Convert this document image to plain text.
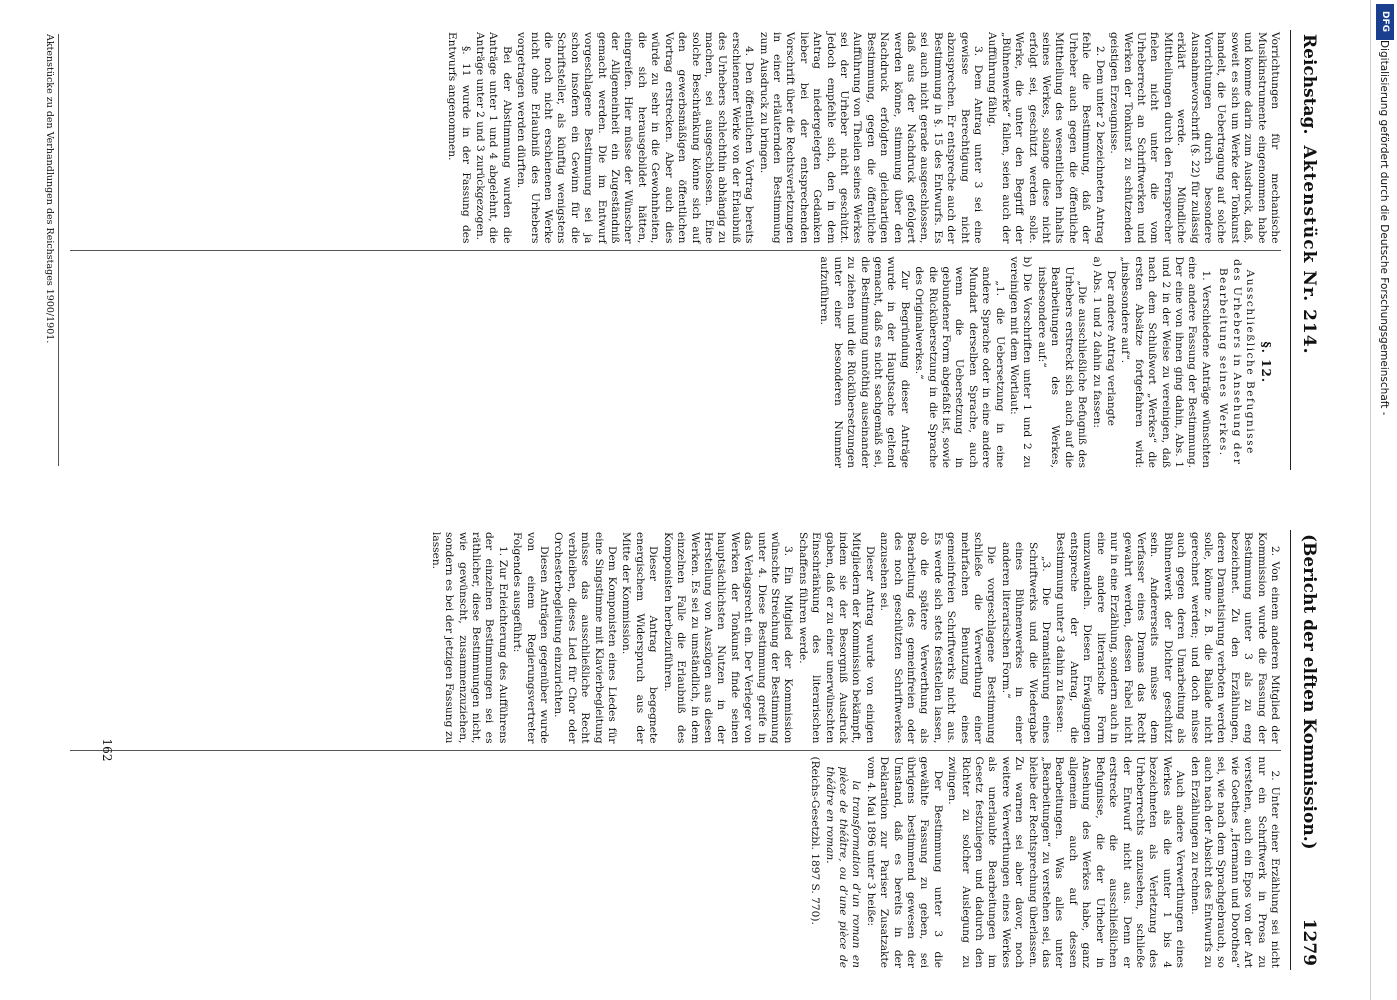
Reichstag.
Aktenstück Nr. 214.

Vorrichtungen für mechanische Musikinstrumente eingenommen habe und komme darin zum Ausdruck, daß, soweit es sich um Werke der Tonkunst handelt, die Uebertragung auf solche Vorrichtungen durch besondere Ausnahmevorschrift (§. 22) für zulässig erklärt werde. Mündliche Mittheilungen durch den Fernsprecher fielen nicht unter die vom Urheberrecht an Schriftwerken und Werken der Tonkunst zu schützenden geistigen Erzeugnisse.

2. Dem unter 2 bezeichneten Antrag fehle die Bestimmung, daß der Urheber auch gegen die öffentliche Mittheilung des wesentlichen Inhalts seines Werkes, solange diese nicht erfolgt sei, geschützt werden solle. Werke, die unter den Begriff der „Bühnenwerke“ fallen, seien auch der Aufführung fähig.

3. Dem Antrag unter 3 sei eine gewisse Berechtigung nicht abzusprechen. Er entspreche auch der Bestimmung in §. 15 des Entwurfs. Es sei auch nicht gerade ausgeschlossen, daß aus der Nachdruck gefolgert werden könne, stimmung über den Nachdruck erfolgten gleichartigen Bestimmung, gegen die öffentliche Aufführung von Theilen seines Werkes sei der Urheber nicht geschützt. Jedoch empfehle sich, den in dem Antrag niedergelegten Gedanken lieber bei der entsprechenden Vorschrift über die Rechtsverletzungen in einer erläuternden Bestimmung zum Ausdruck zu bringen.

4. Den öffentlichen Vortrag bereits erschienener Werke von der Erlaubniß des Urhebers schlechthin abhängig zu machen, sei ausgeschlossen. Eine solche Beschränkung könne sich auf den gewerbsmäßigen öffentlichen Vortrag erstrecken. Aber auch dies würde zu sehr in die Gewohnheiten, die sich herausgebildet hätten, eingreifen. Hier müsse der Wünscher der Allgemeinheit ein Zugeständniß gemacht werden. Die im Entwurf vorgeschlagene Bestimmung sei ja schon insofern ein Gewinn für die Schriftsteller, als künftig wenigstens die noch nicht erschienenen Werke nicht ohne Erlaubniß des Urhebers vorgetragen werden dürften.

Bei der Abstimmung wurden die Anträge unter 1 und 4 abgelehnt, die Anträge unter 2 und 3 zurückgezogen.

§. 11 wurde in der Fassung des Entwurfs angenommen.

§. 12.
Ausschließliche Befugnisse des Urhebers in Ansehung der Bearbeitung seines Werkes.

1. Verschiedene Anträge wünschten eine andere Fassung der Bestimmung. Der eine von ihnen ging dahin, Abs. 1 und 2 in der Weise zu vereinigen, daß nach dem Schlußwort „Werkes“ die ersten Absätze fortgefahren wird: „insbesondere auf“.

Der andere Antrag verlangte

a) Abs. 1 und 2 dahin zu fassen:

„Die ausschließliche Befugniß des Urhebers erstreckt sich auch auf die Bearbeitungen des Werkes, insbesondere auf:“

b) Die Vorschriften unter 1 und 2 zu vereinigen mit dem Wortlaut:

„1. die Uebersetzung in eine andere Sprache oder in eine andere Mundart derselben Sprache, auch wenn die Uebersetzung in gebundener Form abgefaßt ist, sowie die Rückübersetzung in die Sprache des Originalwerkes.“

Zur Begründung dieser Anträge wurde in der Hauptsache geltend gemacht, daß es nicht sachgemäß sei, die Bestimmung unnöthig auseinander zu ziehen und die Rückübersetzungen unter einer besonderen Nummer aufzuführen.

Aktenstücke zu den Verhandlungen des Reichstages 1900/1901.
(Bericht der elften Kommission.)
1279

2. Von einem anderen Mitglied der Kommission wurde die Fassung der Bestimmung unter 3 als zu eng bezeichnet. Zu den Erzählungen, deren Dramatisirung verboten werden solle, könne z. B. die Ballade nicht gerechnet werden; und doch müsse auch gegen deren Umarbeitung als Bühnenwerk der Dichter geschützt sein. Andererseits müsse dem Verfasser eines Dramas das Recht gewahrt werden, dessen Fabel nicht nur in eine Erzählung, sondern auch in eine andere literarische Form umzuwandeln. Diesen Erwägungen entspreche der Antrag, die Bestimmung unter 3 dahin zu fassen:

„3. Die Dramatisirung eines Schriftwerks und die Wiedergabe eines Bühnenwerkes in einer anderen literarischen Form.“

Die vorgeschlagene Bestimmung schließe die Verwerthung einer mehrfachen Benutzung eines gemeinfreien Schriftwerks nicht aus. Es werde sich stets feststellen lassen, ob die spätere Verwerthung als Bearbeitung des gemeinfreien oder des noch geschützten Schriftwerkes anzusehen sei.

Dieser Antrag wurde von einigen Mitgliedern der Kommission bekämpft, indem sie der Besorgniß Ausdruck gaben, daß er zu einer unerwünschten Einschränkung des literarischen Schaffens führen werde.

3. Ein Mitglied der Kommission wünschte Streichung der Bestimmung unter 4. Diese Bestimmung greife in das Verlagsrecht ein. Der Verleger von Werken der Tonkunst finde seinen hauptsächlichsten Nutzen in der Herstellung von Auszügen aus diesen Werken. Es sei zu umständlich, in dem einzelnen Falle die Erlaubniß des Komponisten herbeizuführen.

Dieser Antrag begegnete energischem Widerspruch aus der Mitte der Kommission.

Dem Komponisten eines Liedes für eine Singstimme mit Klavierbegleitung müsse das ausschließliche Recht verbleiben, dieses Lied für Chor oder Orchesterbegleitung einzurichten.

Diesen Anträgen gegenüber wurde von einem Regierungsvertreter Folgendes ausgeführt:

1. Zur Erleichterung des Aufführens der einzelnen Bestimmungen sei es räthlicher, diese Bestimmungen nicht, wie gewünscht, zusammenzuziehen, sondern es bei der jetzigen Fassung zu lassen.

2. Unter einer Erzählung sei nicht nur ein Schriftwerk in Prosa zu verstehen, auch ein Epos von der Art wie Goethes „Hermann und Dorothea“ sei, wie nach dem Sprachgebrauch, so auch nach der Absicht des Entwurfs zu den Erzählungen zu rechnen.

Auch andere Verwerthungen eines Werkes als die unter 1 bis 4 bezeichneten als Verletzung des Urheberrechts anzusehen, schließe der Entwurf nicht aus. Denn er erstrecke die ausschließlichen Befugnisse, die der Urheber in Ansehung des Werkes habe, ganz allgemein auch auf dessen Bearbeitungen. Was alles unter „Bearbeitungen“ zu verstehen sei, das bleibe der Rechtsprechung überlassen. Zu warnen sei aber davor, noch weitere Verwerthungen eines Werkes als unerlaubte Bearbeitungen im Gesetz festzulegen und dadurch den Richter zu solcher Auslegung zu zwingen.

Der Bestimmung unter 3 die gewählte Fassung zu geben, sei übrigens bestimmend gewesen der Umstand, daß es bereits in der Deklaration zur Pariser Zusatzakte vom 4. Mai 1896 unter 3 heiße:

la transformation d’un roman en pièce de théâtre, ou d’une pièce de théâtre en roman.

(Reichs-Gesetzbl. 1897 S. 770).

162
Digitalisierung gefördert durch die Deutsche Forschungsgemeinschaft -
DFG
